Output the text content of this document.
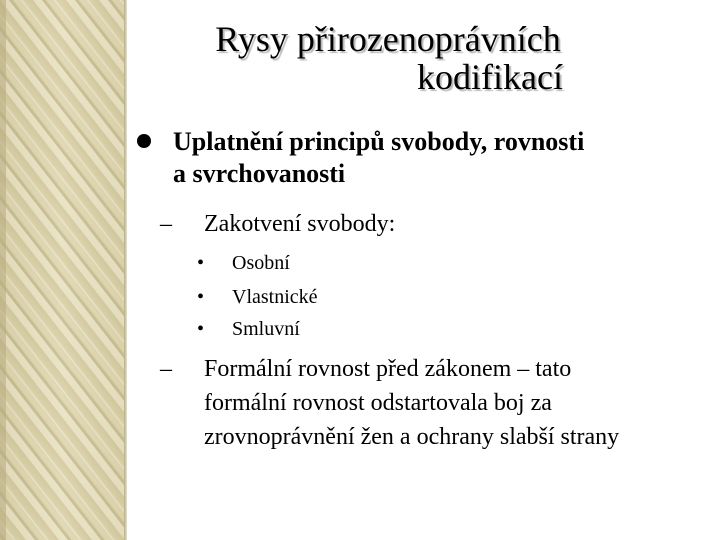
Rysy přirozenoprávních
kodifikací
Uplatnění principů svobody, rovnosti
a svrchovanosti
– Zakotvení svobody:
• Osobní
• Vlastnické
• Smluvní
– Formální rovnost před zákonem – tato
formální rovnost odstartovala boj za
zrovnoprávnění žen a ochrany slabší strany
